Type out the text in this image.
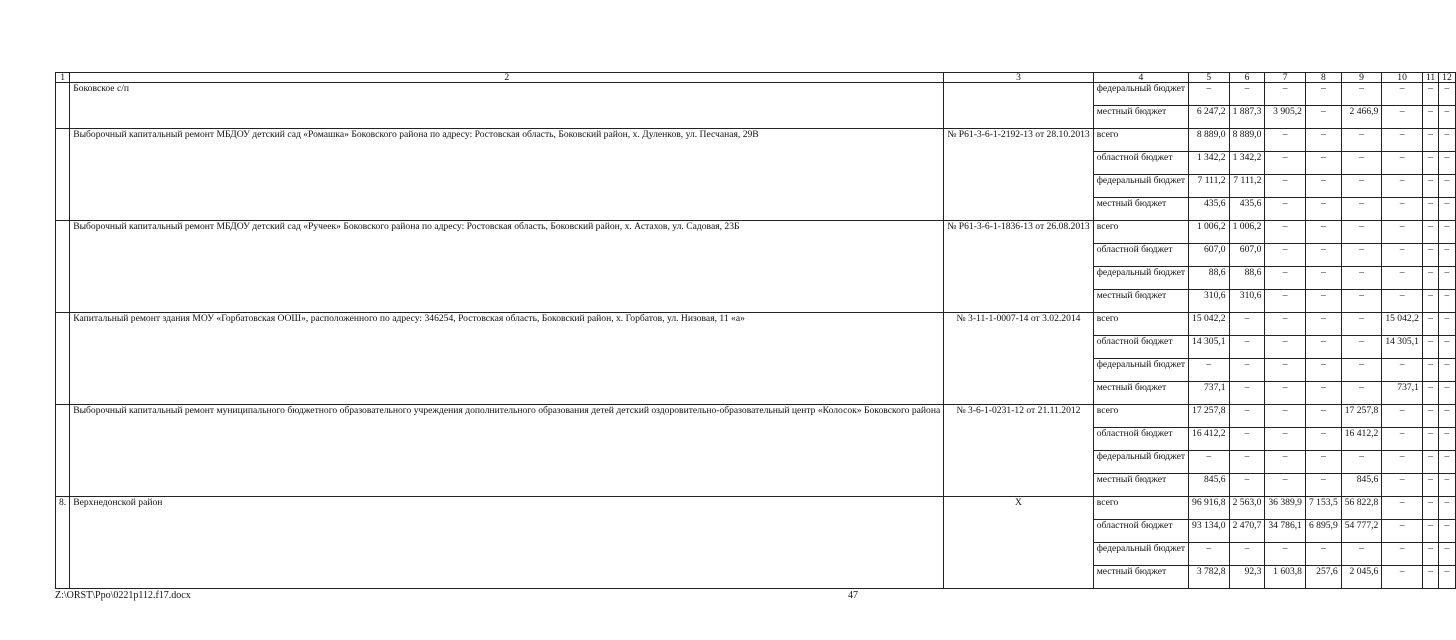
1	2	3	4	5	6	7	8	9	10	11	12
	Боковское с/п		федеральный бюджет	–	–	–	–	–	–	–	–
			местный бюджет	6 247,2	1 887,3	3 905,2	–	2 466,9	–	–	–
	Выборочный капитальный ремонт МБДОУ детский сад «Ромашка» Боковского района по адресу: Ростовская область, Боковский район, х. Дуленков, ул. Песчаная, 29В	№ Р61-3-6-1-2192-13 от 28.10.2013	всего	8 889,0	8 889,0	–	–	–	–	–	–
			областной бюджет	1 342,2	1 342,2	–	–	–	–	–	–
			федеральный бюджет	7 111,2	7 111,2	–	–	–	–	–	–
			местный бюджет	435,6	435,6	–	–	–	–	–	–
	Выборочный капитальный ремонт МБДОУ детский сад «Ручеек» Боковского района по адресу: Ростовская область, Боковский район, х. Астахов, ул. Садовая, 23Б	№ Р61-3-6-1-1836-13 от 26.08.2013	всего	1 006,2	1 006,2	–	–	–	–	–	–
			областной бюджет	607,0	607,0	–	–	–	–	–	–
			федеральный бюджет	88,6	88,6	–	–	–	–	–	–
			местный бюджет	310,6	310,6	–	–	–	–	–	–
	Капитальный ремонт здания МОУ «Горбатовская ООШ», расположенного по адресу: 346254, Ростовская область, Боковский район, х. Горбатов, ул. Низовая, 11 «а»	№ 3-11-1-0007-14 от 3.02.2014	всего	15 042,2	–	–	–	–	15 042,2	–	–
			областной бюджет	14 305,1	–	–	–	–	14 305,1	–	–
			федеральный бюджет	–	–	–	–	–	–	–	–
			местный бюджет	737,1	–	–	–	–	737,1	–	–
	Выборочный капитальный ремонт муниципального бюджетного образовательного учреждения дополнительного образования детей детский оздоровительно-образовательный центр «Колосок» Боковского района	№ 3-6-1-0231-12 от 21.11.2012	всего	17 257,8	–	–	–	17 257,8	–	–	–
			областной бюджет	16 412,2	–	–	–	16 412,2	–	–	–
			федеральный бюджет	–	–	–	–	–	–	–	–
			местный бюджет	845,6	–	–	–	845,6	–	–	–
8.	Верхнедонской район	Х	всего	96 916,8	2 563,0	36 389,9	7 153,5	56 822,8	–	–	–
			областной бюджет	93 134,0	2 470,7	34 786,1	6 895,9	54 777,2	–	–	–
			федеральный бюджет	–	–	–	–	–	–	–	–
			местный бюджет	3 782,8	92,3	1 603,8	257,6	2 045,6	–	–	–
Z:\ORST\Ppo\0221p112.f17.docx	47
